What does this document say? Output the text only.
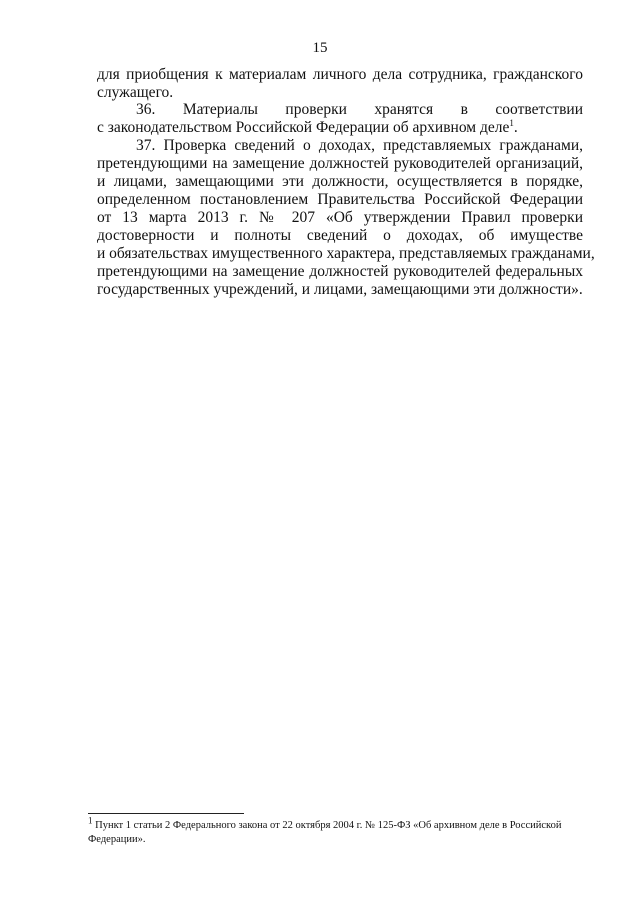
15
для приобщения к материалам личного дела сотрудника, гражданского
служащего.
36. Материалы проверки хранятся в соответствии
с законодательством Российской Федерации об архивном деле$^1$.
37. Проверка сведений о доходах, представляемых гражданами,
претендующими на замещение должностей руководителей организаций,
и лицами, замещающими эти должности, осуществляется в порядке,
определенном постановлением Правительства Российской Федерации
от 13 марта 2013 г. № 207 «Об утверждении Правил проверки
достоверности и полноты сведений о доходах, об имуществе
и обязательствах имущественного характера, представляемых гражданами,
претендующими на замещение должностей руководителей федеральных
государственных учреждений, и лицами, замещающими эти должности».
$^1$ Пункт 1 статьи 2 Федерального закона от 22 октября 2004 г. № 125-ФЗ «Об архивном деле в Российской
Федерации».
